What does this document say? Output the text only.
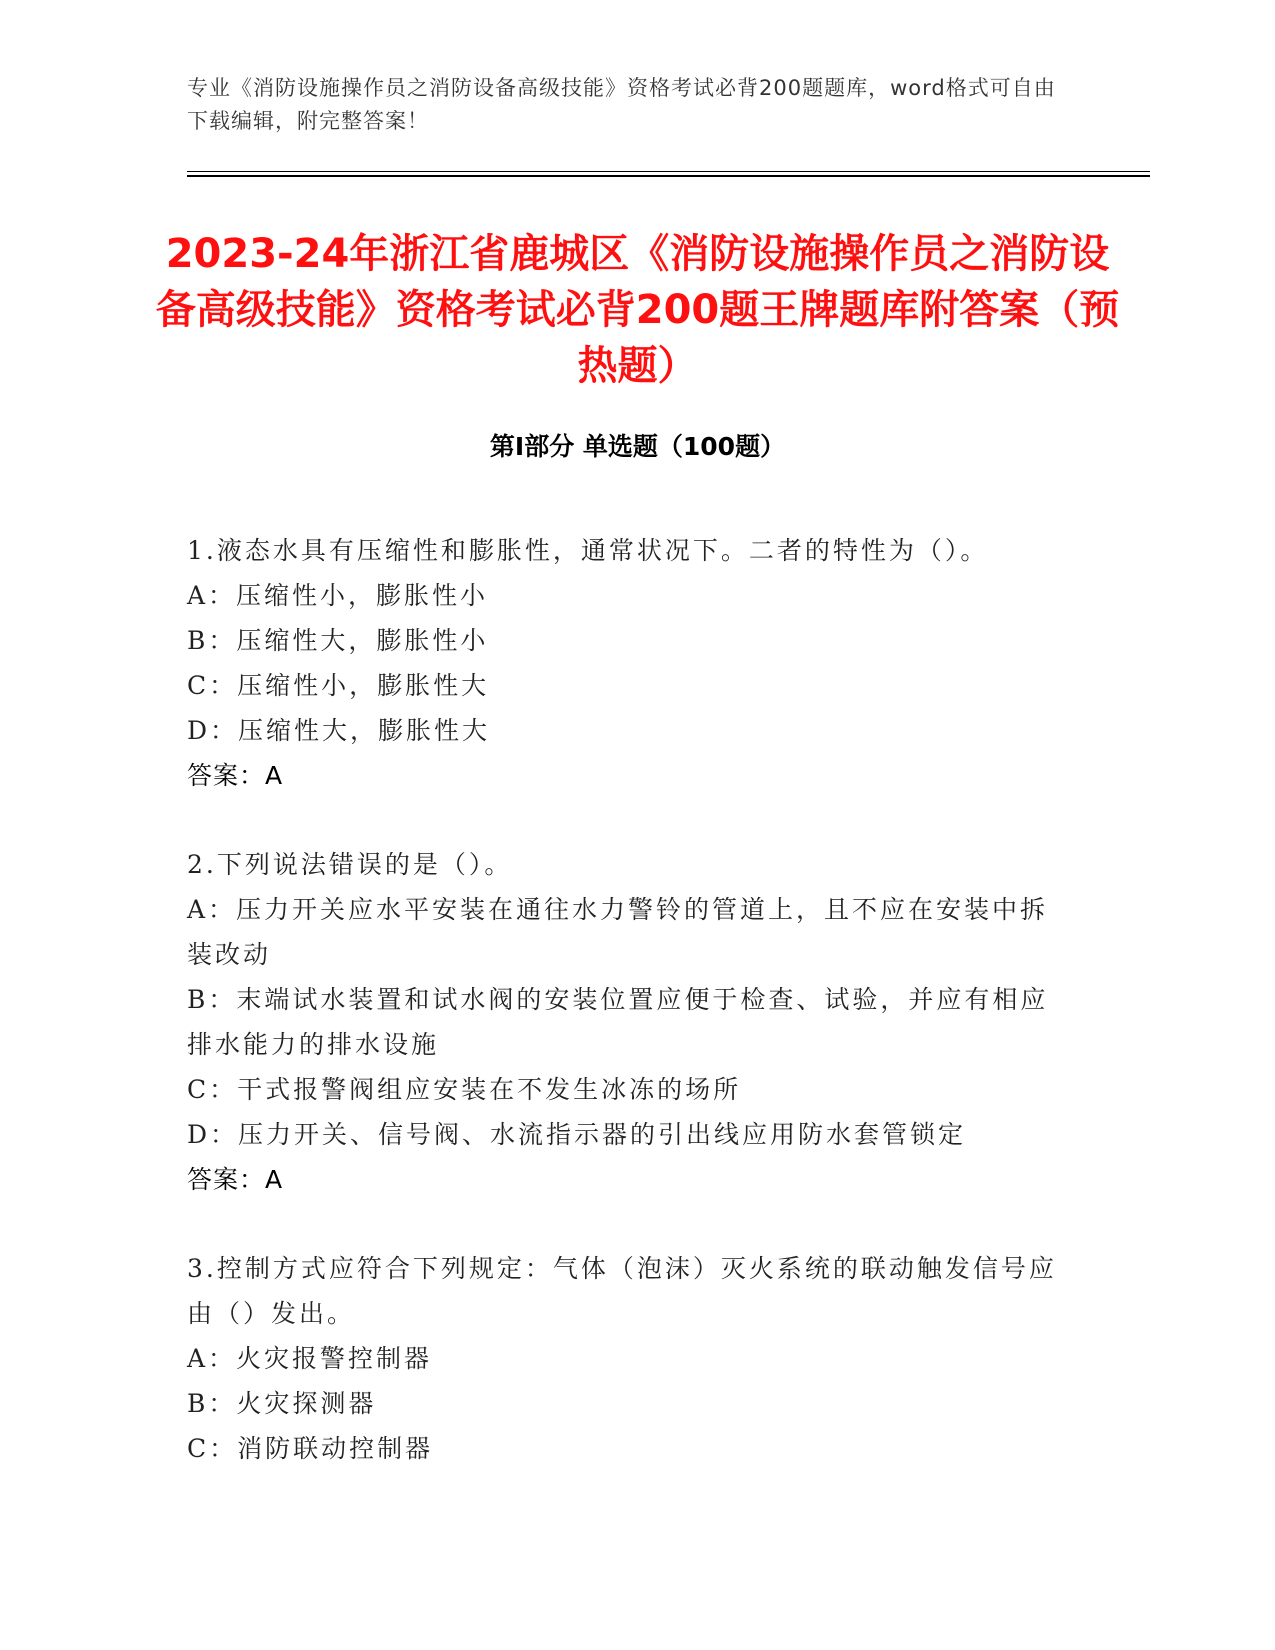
专业《消防设施操作员之消防设备高级技能》资格考试必背200题题库，word格式可自由下载编辑，附完整答案！
2023-24年浙江省鹿城区《消防设施操作员之消防设备高级技能》资格考试必背200题王牌题库附答案（预热题）
第Ⅰ部分 单选题（100题）
1.液态水具有压缩性和膨胀性，通常状况下。二者的特性为（）。
A：压缩性小，膨胀性小
B：压缩性大，膨胀性小
C：压缩性小，膨胀性大
D：压缩性大，膨胀性大
答案：A
2.下列说法错误的是（）。
A：压力开关应水平安装在通往水力警铃的管道上，且不应在安装中拆装改动
B：末端试水装置和试水阀的安装位置应便于检查、试验，并应有相应排水能力的排水设施
C：干式报警阀组应安装在不发生冰冻的场所
D：压力开关、信号阀、水流指示器的引出线应用防水套管锁定
答案：A
3.控制方式应符合下列规定：气体（泡沫）灭火系统的联动触发信号应由（）发出。
A：火灾报警控制器
B：火灾探测器
C：消防联动控制器
